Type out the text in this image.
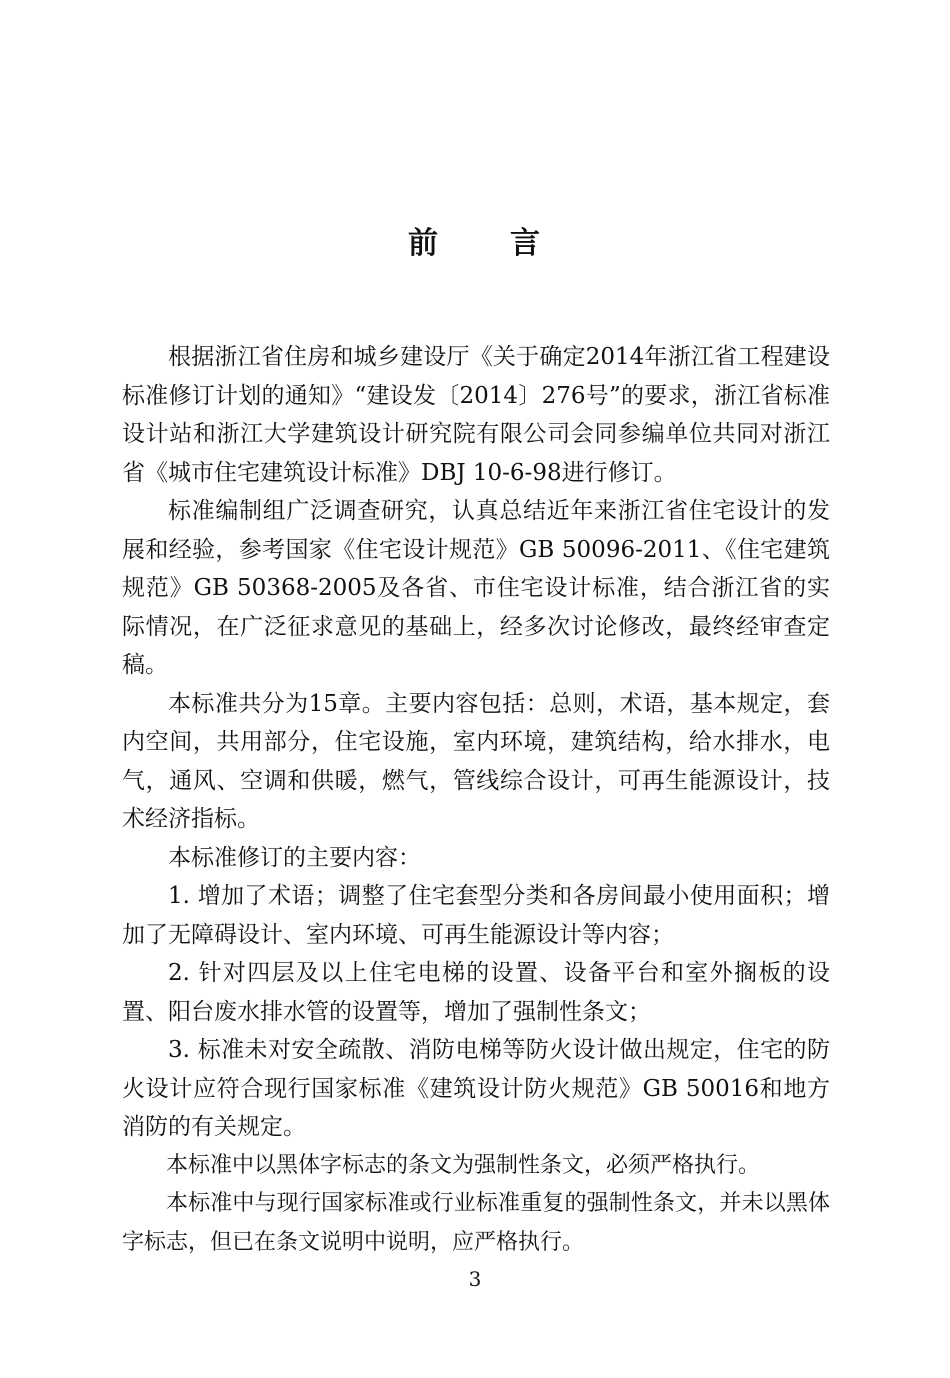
前 言

根据浙江省住房和城乡建设厅《关于确定2014年浙江省工程建设标准修订计划的通知》“建设发〔2014〕276号”的要求，浙江省标准设计站和浙江大学建筑设计研究院有限公司会同参编单位共同对浙江省《城市住宅建筑设计标准》DBJ 10-6-98进行修订。

标准编制组广泛调查研究，认真总结近年来浙江省住宅设计的发展和经验，参考国家《住宅设计规范》GB 50096-2011、《住宅建筑规范》GB 50368-2005及各省、市住宅设计标准，结合浙江省的实际情况，在广泛征求意见的基础上，经多次讨论修改，最终经审查定稿。

本标准共分为15章。主要内容包括：总则，术语，基本规定，套内空间，共用部分，住宅设施，室内环境，建筑结构，给水排水，电气，通风、空调和供暖，燃气，管线综合设计，可再生能源设计，技术经济指标。

本标准修订的主要内容：

1. 增加了术语；调整了住宅套型分类和各房间最小使用面积；增加了无障碍设计、室内环境、可再生能源设计等内容；

2. 针对四层及以上住宅电梯的设置、设备平台和室外搁板的设置、阳台废水排水管的设置等，增加了强制性条文；

3. 标准未对安全疏散、消防电梯等防火设计做出规定，住宅的防火设计应符合现行国家标准《建筑设计防火规范》GB 50016和地方消防的有关规定。

本标准中以黑体字标志的条文为强制性条文，必须严格执行。

本标准中与现行国家标准或行业标准重复的强制性条文，并未以黑体字标志，但已在条文说明中说明，应严格执行。

3
